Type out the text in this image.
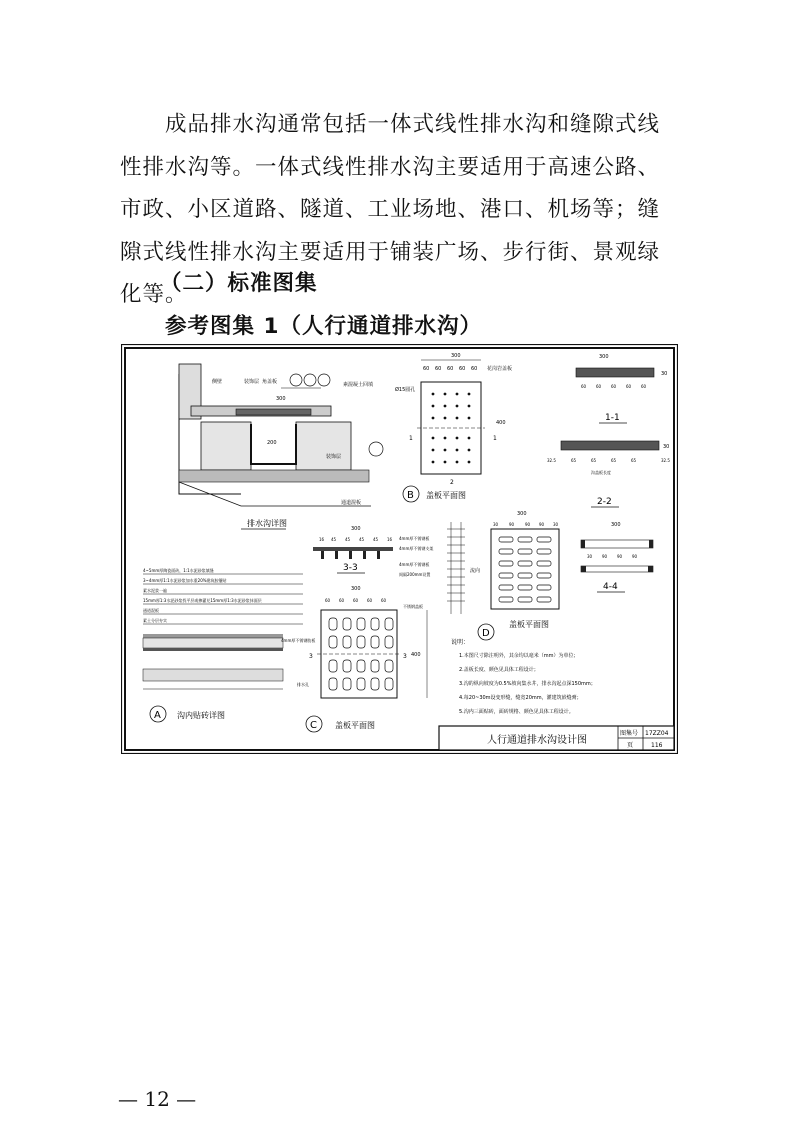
成品排水沟通常包括一体式线性排水沟和缝隙式线性排水沟等。一体式线性排水沟主要适用于高速公路、市政、小区道路、隧道、工业场地、港口、机场等；缝隙式线性排水沟主要适用于铺装广场、步行街、景观绿化等。
（二）标准图集
参考图集 1（人行通道排水沟）
侧壁	装饰层 角盖板	素混凝土回填
300
200
装饰层
通道混板
排水沟详图
300
60 60 60 60 60 花岗岩盖板
Ø15圆孔
1	1
2
400
B 盖板平面图
300
30
60 60 60 60 60
1-1
30
32.5	65	65	65	65	32.5
沟盖板长度
2-2
300
16 45 45 45 45 16 4mm厚不锈钢板
4mm厚不锈钢支架
4mm厚不锈钢板
间隔200mm设置
3-3	流向
300
30	90	90 90 30
D
盖板平面图
300
30 90 90 90
4-4
4~5mm厚陶瓷面砖，1:1水泥砂浆填缝
3~4mm厚1:1水泥砂浆加水重20%建筑胶镶贴
素水泥浆一遍
15mm厚1:3水泥砂浆找平层或掺灌兑15mm厚1:3水泥砂浆抹面层
通道混板
素土分层夯实
A 沟内贴砖详图
300
60 60 60 60 60
不锈钢盖板
4mm厚不锈钢肋板
3	3
排水孔
400
C 盖板平面图
说明：
1.本图尺寸除注明外，其余均以毫米（mm）为单位；
2.盖板长度、颜色见具体工程设计；
3.沟的纵向坡度为0.5%坡向集水井，排水沟起点深150mm；
4.每20~30m设变形缝，缝宽20mm，灌建筑嵌缝膏；
5.沟内三面贴砖，面砖规格、颜色见具体工程设计。
人行通道排水沟设计图
图集号 17ZZ04
页	116
— 12 —
